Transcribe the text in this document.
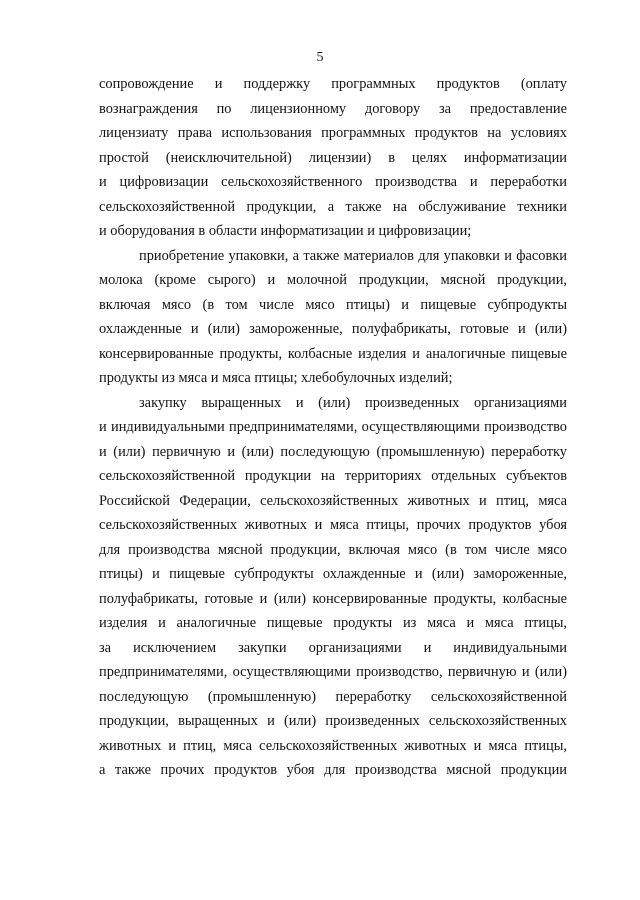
5
сопровождение и поддержку программных продуктов (оплату
вознаграждения по лицензионному договору за предоставление
лицензиату права использования программных продуктов на условиях
простой (неисключительной) лицензии) в целях информатизации
и цифровизации сельскохозяйственного производства и переработки
сельскохозяйственной продукции, а также на обслуживание техники
и оборудования в области информатизации и цифровизации;
приобретение упаковки, а также материалов для упаковки и фасовки
молока (кроме сырого) и молочной продукции, мясной продукции,
включая мясо (в том числе мясо птицы) и пищевые субпродукты
охлажденные и (или) замороженные, полуфабрикаты, готовые и (или)
консервированные продукты, колбасные изделия и аналогичные пищевые
продукты из мяса и мяса птицы; хлебобулочных изделий;
закупку выращенных и (или) произведенных организациями
и индивидуальными предпринимателями, осуществляющими производство
и (или) первичную и (или) последующую (промышленную) переработку
сельскохозяйственной продукции на территориях отдельных субъектов
Российской Федерации, сельскохозяйственных животных и птиц, мяса
сельскохозяйственных животных и мяса птицы, прочих продуктов убоя
для производства мясной продукции, включая мясо (в том числе мясо
птицы) и пищевые субпродукты охлажденные и (или) замороженные,
полуфабрикаты, готовые и (или) консервированные продукты, колбасные
изделия и аналогичные пищевые продукты из мяса и мяса птицы,
за исключением закупки организациями и индивидуальными
предпринимателями, осуществляющими производство, первичную и (или)
последующую (промышленную) переработку сельскохозяйственной
продукции, выращенных и (или) произведенных сельскохозяйственных
животных и птиц, мяса сельскохозяйственных животных и мяса птицы,
а также прочих продуктов убоя для производства мясной продукции
